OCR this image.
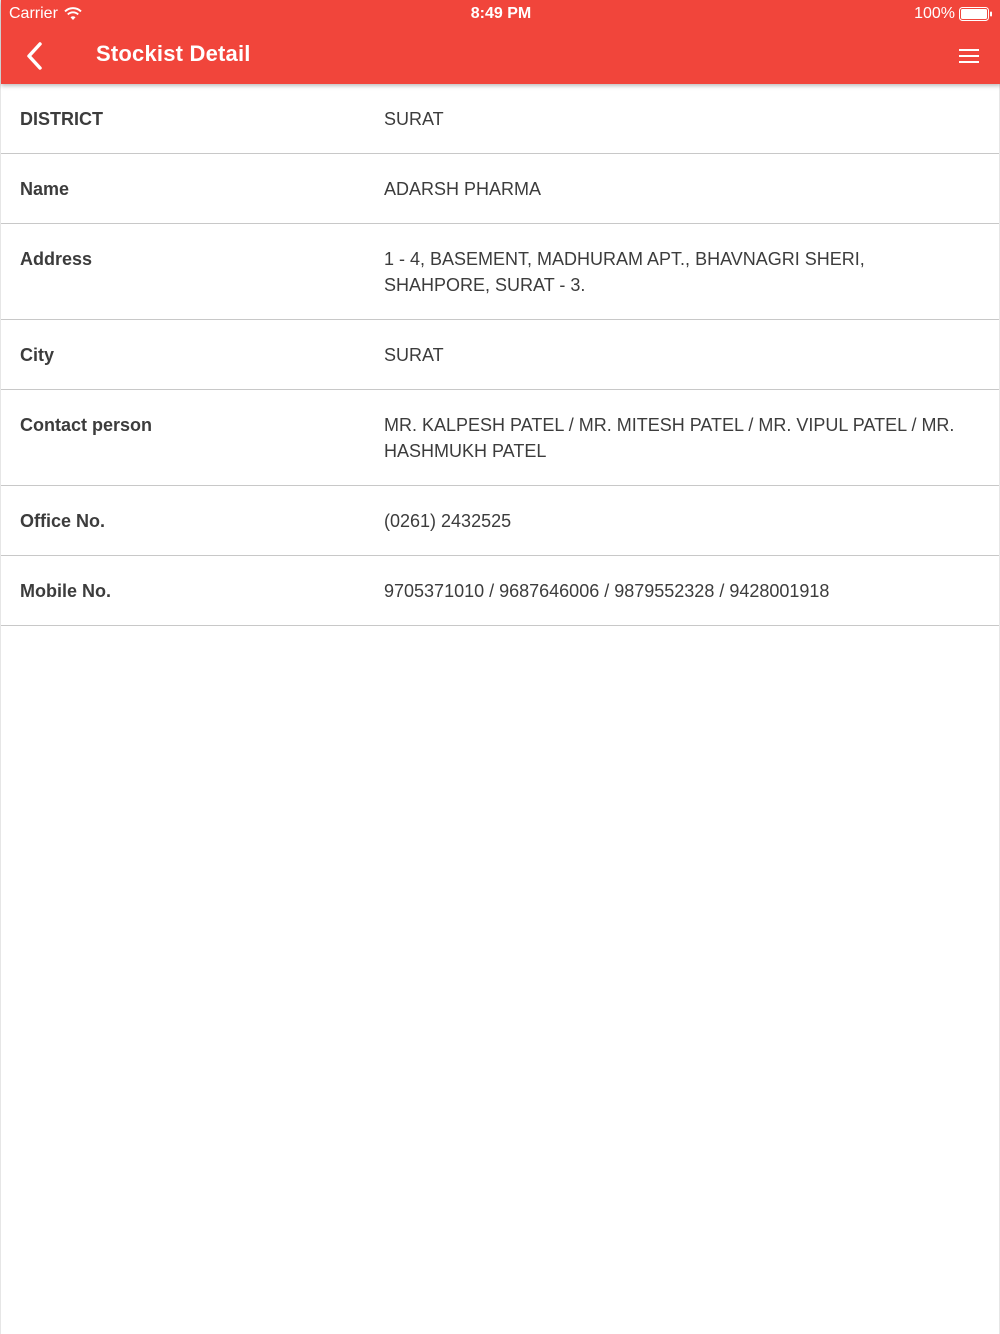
Carrier	8:49 PM	100%
Stockist Detail
DISTRICT	SURAT
Name	ADARSH PHARMA
Address	1 - 4, BASEMENT, MADHURAM APT., BHAVNAGRI SHERI, SHAHPORE, SURAT - 3.
City	SURAT
Contact person	MR. KALPESH PATEL / MR. MITESH PATEL / MR. VIPUL PATEL / MR. HASHMUKH PATEL
Office No.	(0261) 2432525
Mobile No.	9705371010 / 9687646006 / 9879552328 / 9428001918
